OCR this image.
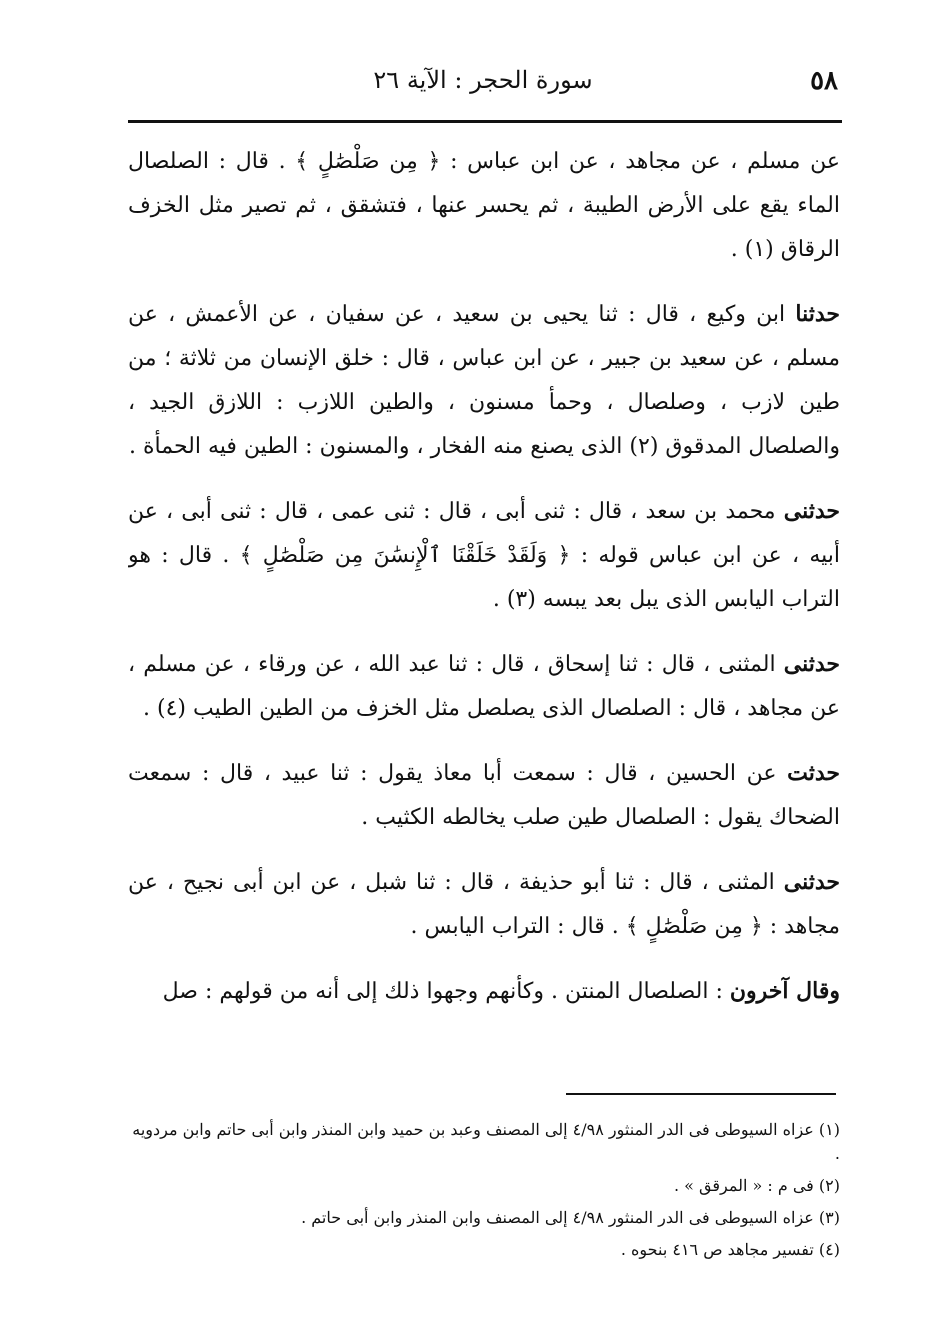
٥٨
سورة الحجر : الآية ٢٦

عن مسلم ، عن مجاهد ، عن ابن عباس : ﴿ مِن صَلْصَٰلٍ ﴾ . قال : الصلصال الماء يقع على الأرض الطيبة ، ثم يحسر عنها ، فتشقق ، ثم تصير مثل الخزف الرقاق (١) .

حدثنا ابن وكيع ، قال : ثنا يحيى بن سعيد ، عن سفيان ، عن الأعمش ، عن مسلم ، عن سعيد بن جبير ، عن ابن عباس ، قال : خلق الإنسان من ثلاثة ؛ من طين لازب ، وصلصال ، وحمأ مسنون ، والطين اللازب : اللازق الجيد ، والصلصال المدقوق (٢) الذى يصنع منه الفخار ، والمسنون : الطين فيه الحمأة .

حدثنى محمد بن سعد ، قال : ثنى أبى ، قال : ثنى عمى ، قال : ثنى أبى ، عن أبيه ، عن ابن عباس قوله : ﴿ وَلَقَدْ خَلَقْنَا ٱلْإِنسَٰنَ مِن صَلْصَٰلٍ ﴾ . قال : هو التراب اليابس الذى يبل بعد يبسه (٣) .

حدثنى المثنى ، قال : ثنا إسحاق ، قال : ثنا عبد الله ، عن ورقاء ، عن مسلم ، عن مجاهد ، قال : الصلصال الذى يصلصل مثل الخزف من الطين الطيب (٤) .

حدثت عن الحسين ، قال : سمعت أبا معاذ يقول : ثنا عبيد ، قال : سمعت الضحاك يقول : الصلصال طين صلب يخالطه الكثيب .

حدثنى المثنى ، قال : ثنا أبو حذيفة ، قال : ثنا شبل ، عن ابن أبى نجيح ، عن مجاهد : ﴿ مِن صَلْصَٰلٍ ﴾ . قال : التراب اليابس .

وقال آخرون : الصلصال المنتن . وكأنهم وجهوا ذلك إلى أنه من قولهم : صل

(١) عزاه السيوطى فى الدر المنثور ٤/٩٨ إلى المصنف وعبد بن حميد وابن المنذر وابن أبى حاتم وابن مردويه .

(٢) فى م : « المرقق » .

(٣) عزاه السيوطى فى الدر المنثور ٤/٩٨ إلى المصنف وابن المنذر وابن أبى حاتم .

(٤) تفسير مجاهد ص ٤١٦ بنحوه .
